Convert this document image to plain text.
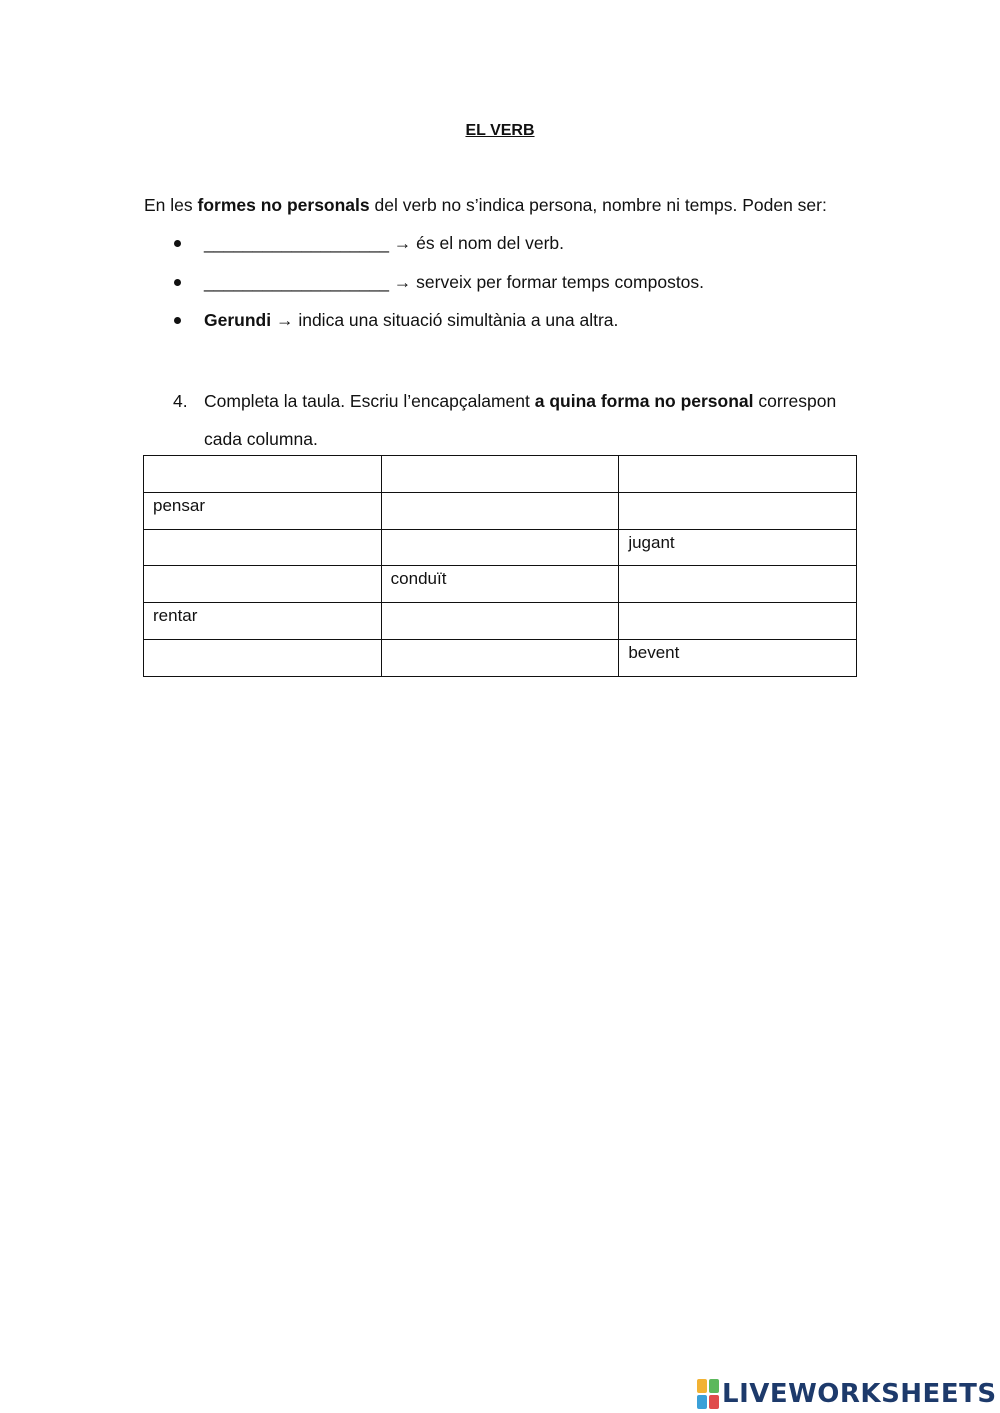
EL VERB
En les formes no personals del verb no s’indica persona, nombre ni temps. Poden ser:
___________________ → és el nom del verb.
___________________ → serveix per formar temps compostos.
Gerundi → indica una situació simultània a una altra.
4. Completa la taula. Escriu l’encapçalament a quina forma no personal correspon
cada columna.

pensar		
		jugant
	conduït	
rentar		
		bevent
LIVEWORKSHEETS
